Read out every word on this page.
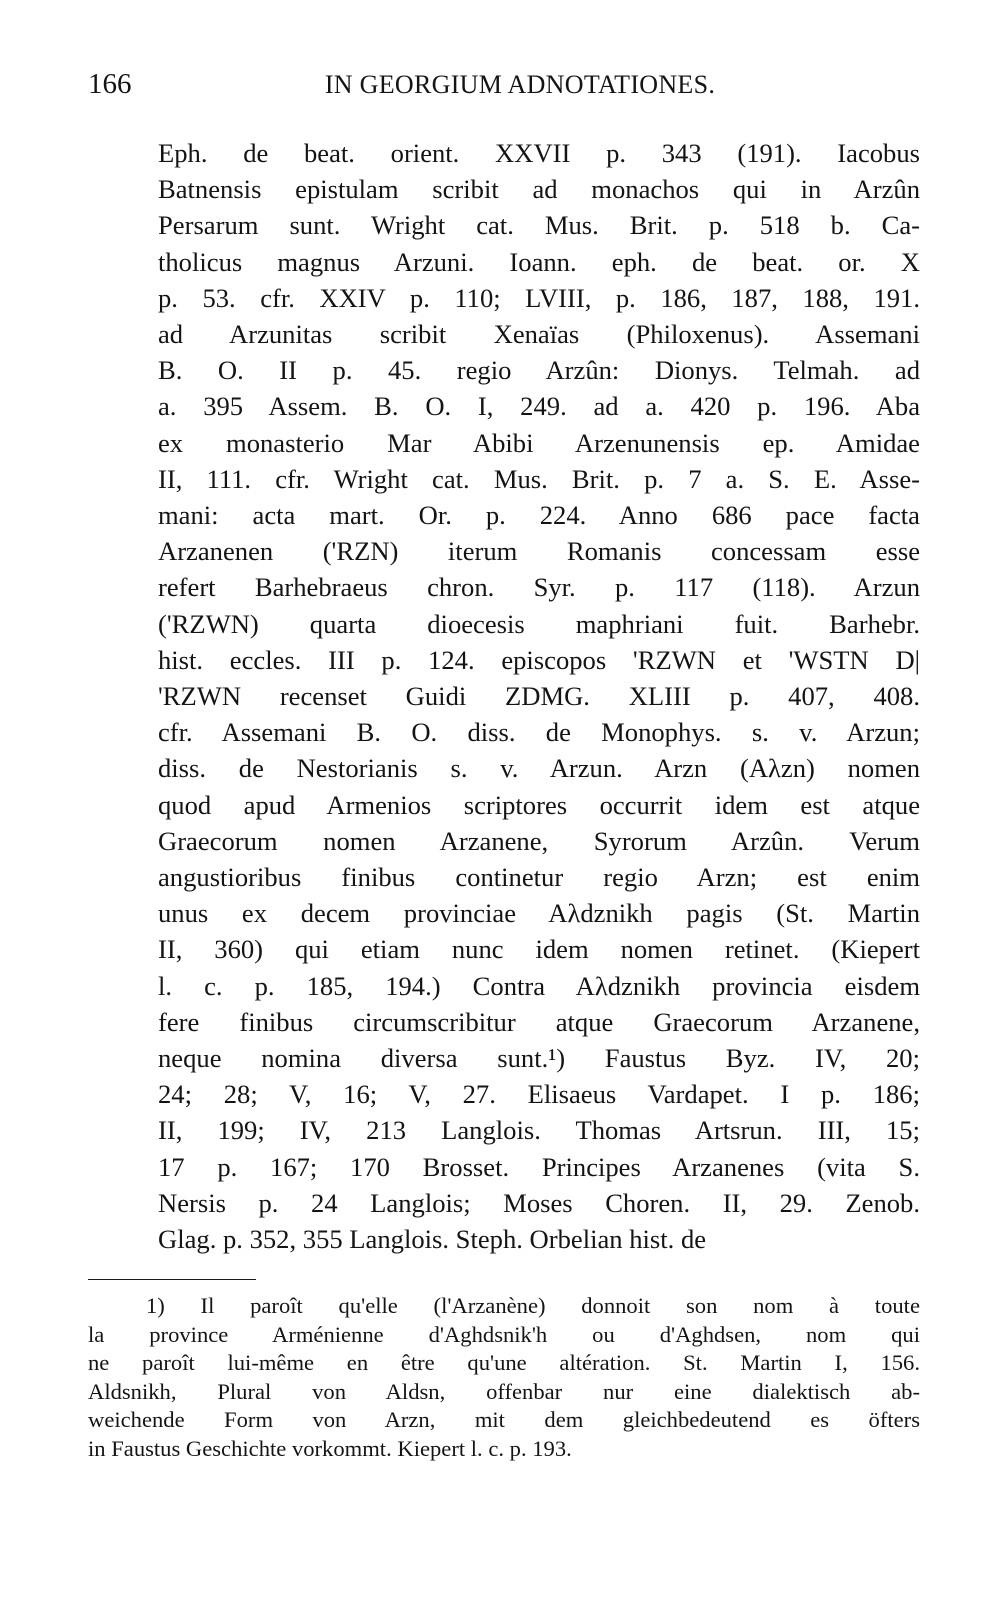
166	IN GEORGIUM ADNOTATIONES.
Eph. de beat. orient. XXVII p. 343 (191). Iacobus
Batnensis epistulam scribit ad monachos qui in Arzûn
Persarum sunt. Wright cat. Mus. Brit. p. 518 b. Ca-
tholicus magnus Arzuni. Ioann. eph. de beat. or. X
p. 53. cfr. XXIV p. 110; LVIII, p. 186, 187, 188, 191.
ad Arzunitas scribit Xenaïas (Philoxenus). Assemani
B. O. II p. 45. regio Arzûn: Dionys. Telmah. ad
a. 395 Assem. B. O. I, 249. ad a. 420 p. 196. Aba
ex monasterio Mar Abibi Arzenunensis ep. Amidae
II, 111. cfr. Wright cat. Mus. Brit. p. 7 a. S. E. Asse-
mani: acta mart. Or. p. 224. Anno 686 pace facta
Arzanenen ('RZN) iterum Romanis concessam esse
refert Barhebraeus chron. Syr. p. 117 (118). Arzun
('RZWN) quarta dioecesis maphriani fuit. Barhebr.
hist. eccles. III p. 124. episcopos 'RZWN et 'WSTN D|
'RZWN recenset Guidi ZDMG. XLIII p. 407, 408.
cfr. Assemani B. O. diss. de Monophys. s. v. Arzun;
diss. de Nestorianis s. v. Arzun. Arzn (Aλzn) nomen
quod apud Armenios scriptores occurrit idem est atque
Graecorum nomen Arzanene, Syrorum Arzûn. Verum
angustioribus finibus continetur regio Arzn; est enim
unus ex decem provinciae Aλdznikh pagis (St. Martin
II, 360) qui etiam nunc idem nomen retinet. (Kiepert
l. c. p. 185, 194.) Contra Aλdznikh provincia eisdem
fere finibus circumscribitur atque Graecorum Arzanene,
neque nomina diversa sunt.¹) Faustus Byz. IV, 20;
24; 28; V, 16; V, 27. Elisaeus Vardapet. I p. 186;
II, 199; IV, 213 Langlois. Thomas Artsrun. III, 15;
17 p. 167; 170 Brosset. Principes Arzanenes (vita S.
Nersis p. 24 Langlois; Moses Choren. II, 29. Zenob.
Glag. p. 352, 355 Langlois. Steph. Orbelian hist. de
1) Il paroît qu'elle (l'Arzanène) donnoit son nom à toute
la province Arménienne d'Aghdsnik'h ou d'Aghdsen, nom qui
ne paroît lui-même en être qu'une altération. St. Martin I, 156.
Aldsnikh, Plural von Aldsn, offenbar nur eine dialektisch ab-
weichende Form von Arzn, mit dem gleichbedeutend es öfters
in Faustus Geschichte vorkommt. Kiepert l. c. p. 193.
